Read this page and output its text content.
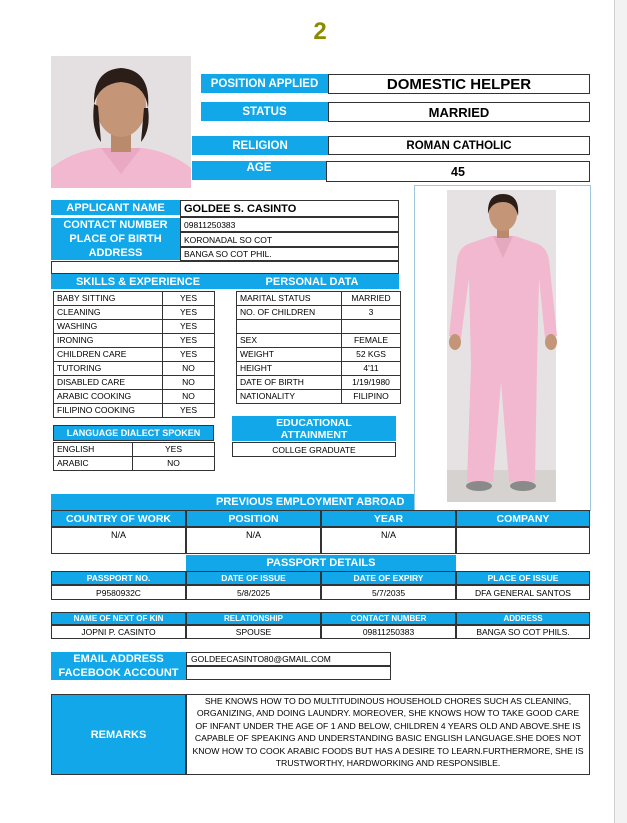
2
POSITION APPLIED	DOMESTIC HELPER
STATUS	MARRIED
RELIGION	ROMAN CATHOLIC
AGE	45
APPLICANT NAME	GOLDEE S. CASINTO
CONTACT NUMBER	09811250383
PLACE OF BIRTH	KORONADAL SO COT
ADDRESS	BANGA SO COT PHIL.
SKILLS & EXPERIENCE	PERSONAL DATA
BABY SITTING	YES
CLEANING	YES
WASHING	YES
IRONING	YES
CHILDREN CARE	YES
TUTORING	NO
DISABLED CARE	NO
ARABIC COOKING	NO
FILIPINO COOKING	YES
MARITAL STATUS	MARRIED
NO. OF CHILDREN	3

SEX	FEMALE
WEIGHT	52 KGS
HEIGHT	4'11
DATE OF BIRTH	1/19/1980
NATIONALITY	FILIPINO
LANGUAGE DIALECT SPOKEN
ENGLISH	YES
ARABIC	NO
EDUCATIONAL ATTAINMENT
COLLGE GRADUATE
PREVIOUS EMPLOYMENT ABROAD
COUNTRY OF WORK	POSITION	YEAR	COMPANY
N/A	N/A	N/A
PASSPORT DETAILS
PASSPORT NO.	DATE OF ISSUE	DATE OF EXPIRY	PLACE OF ISSUE
P9580932C	5/8/2025	5/7/2035	DFA GENERAL SANTOS
NAME OF NEXT OF KIN	RELATIONSHIP	CONTACT NUMBER	ADDRESS
JOPNI P. CASINTO	SPOUSE	09811250383	BANGA SO COT PHILS.
EMAIL ADDRESS	GOLDEECASINTO80@GMAIL.COM
FACEBOOK ACCOUNT
REMARKS
SHE KNOWS HOW TO DO MULTITUDINOUS HOUSEHOLD CHORES SUCH AS CLEANING, ORGANIZING, AND DOING LAUNDRY. MOREOVER, SHE KNOWS HOW TO TAKE GOOD CARE OF INFANT UNDER THE AGE OF 1 AND BELOW, CHILDREN 4 YEARS OLD AND ABOVE.SHE IS CAPABLE OF SPEAKING AND UNDERSTANDING BASIC ENGLISH LANGUAGE.SHE DOES NOT KNOW HOW TO COOK ARABIC FOODS BUT HAS A DESIRE TO LEARN.FURTHERMORE, SHE IS TRUSTWORTHY, HARDWORKING AND RESPONSIBLE.
